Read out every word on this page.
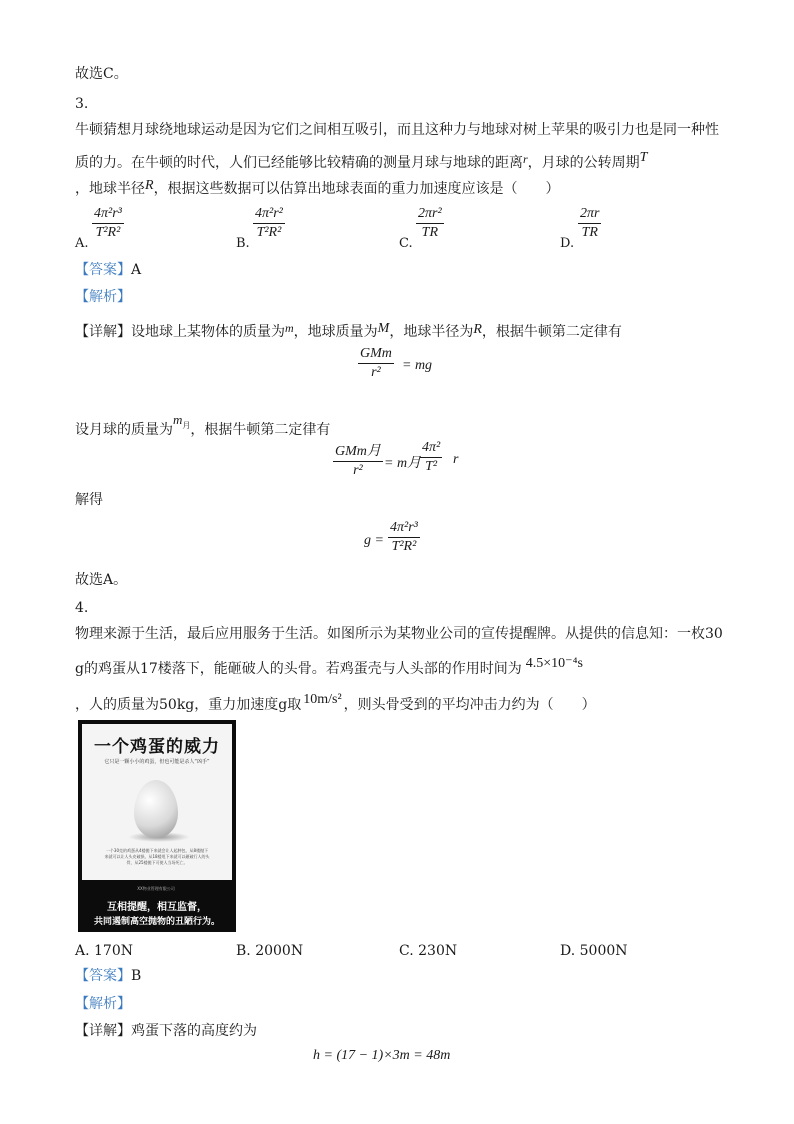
故选C。
3.
牛顿猜想月球绕地球运动是因为它们之间相互吸引，而且这种力与地球对树上苹果的吸引力也是同一种性
质的力。在牛顿的时代，人们已经能够比较精确的测量月球与地球的距离r，月球的公转周期T
，地球半径R，根据这些数据可以估算出地球表面的重力加速度应该是（　　）
A.
4π²r³
T²R²
B.
4π²r²
T²R²
C.
2πr²
TR
D.
2πr
TR
【答案】A
【解析】
【详解】设地球上某物体的质量为m，地球质量为M，地球半径为R，根据牛顿第二定律有
GMm
r²	= mg
设月球的质量为$m^月$，根据牛顿第二定律有
GMm月
r²	= m月
4π²
T²	r
解得
g =
4π²r³
T²R²
故选A。
4.
物理来源于生活，最后应用服务于生活。如图所示为某物业公司的宣传提醒牌。从提供的信息知：一枚30
g的鸡蛋从17楼落下，能砸破人的头骨。若鸡蛋壳与人头部的作用时间为 4.5×10⁻⁴s
，人的质量为50kg，重力加速度g取 10m/s² ，则头骨受到的平均冲击力约为（　　）
一个鸡蛋的威力
它只是一颗小小的鸡蛋，但也可能是杀人“凶手”
一个30克的鸡蛋从4楼抛下来就会让人起肿包，从8楼抛下来就可以让人头皮破损，从18楼甩下来就可以砸破行人的头骨，从25楼抛下可使人当场死亡。
XX物业管理有限公司
互相提醒，相互监督，
共同遏制高空抛物的丑陋行为。
A. 170N	B. 2000N	C. 230N	D. 5000N
【答案】B
【解析】
【详解】鸡蛋下落的高度约为
h = (17 − 1)×3m = 48m
